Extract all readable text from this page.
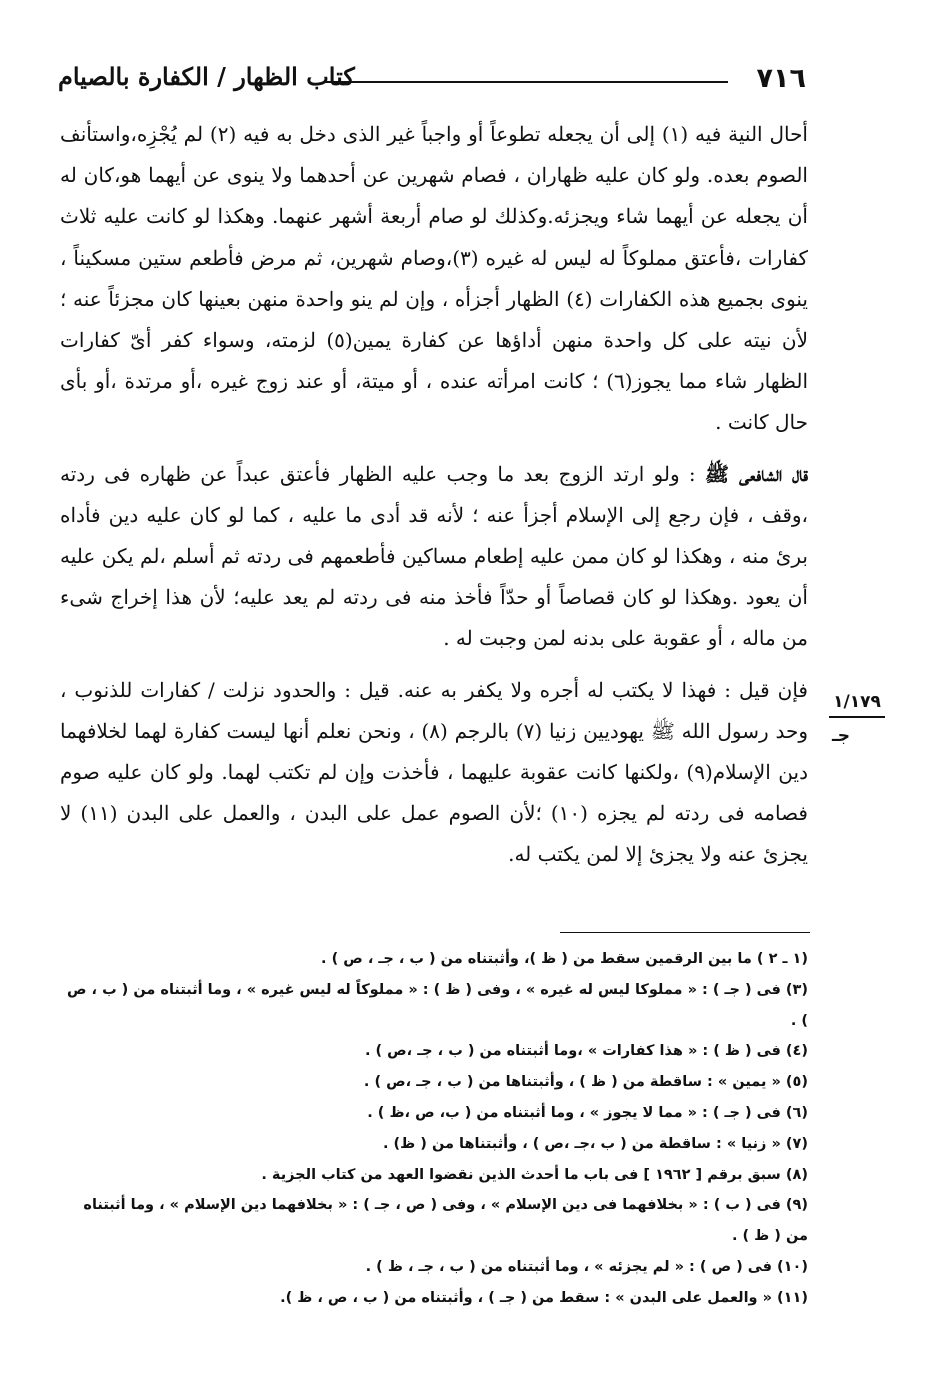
٧١٦
كتاب الظهار / الكفارة بالصيام

أحال النية فيه (١) إلى أن يجعله تطوعاً أو واجباً غير الذى دخل به فيه (٢) لم يُجْزِه،واستأنف الصوم بعده. ولو كان عليه ظهاران ، فصام شهرين عن أحدهما ولا ينوى عن أيهما هو،كان له أن يجعله عن أيهما شاء ويجزئه.وكذلك لو صام أربعة أشهر عنهما. وهكذا لو كانت عليه ثلاث كفارات ،فأعتق مملوكاً له ليس له غيره (٣)،وصام شهرين، ثم مرض فأطعم ستين مسكيناً ، ينوى بجميع هذه الكفارات (٤) الظهار أجزأه ، وإن لم ينو واحدة منهن بعينها كان مجزئاً عنه ؛ لأن نيته على كل واحدة منهن أداؤها عن كفارة يمين(٥) لزمته، وسواء كفر أىّ كفارات الظهار شاء مما يجوز(٦) ؛ كانت امرأته عنده ، أو ميتة، أو عند زوج غيره ،أو مرتدة ،أو بأى حال كانت .

قال الشافعى ﷺ : ولو ارتد الزوج بعد ما وجب عليه الظهار فأعتق عبداً عن ظهاره فى ردته ،وقف ، فإن رجع إلى الإسلام أجزأ عنه ؛ لأنه قد أدى ما عليه ، كما لو كان عليه دين فأداه برئ منه ، وهكذا لو كان ممن عليه إطعام مساكين فأطعمهم فى ردته ثم أسلم ،لم يكن عليه أن يعود .وهكذا لو كان قصاصاً أو حدّاً فأخذ منه فى ردته لم يعد عليه؛ لأن هذا إخراج شىء من ماله ، أو عقوبة على بدنه لمن وجبت له .

فإن قيل : فهذا لا يكتب له أجره ولا يكفر به عنه. قيل : والحدود نزلت / كفارات للذنوب ، وحد رسول الله ﷺ يهوديين زنيا (٧) بالرجم (٨) ، ونحن نعلم أنها ليست كفارة لهما لخلافهما دين الإسلام(٩) ،ولكنها كانت عقوبة عليهما ، فأخذت وإن لم تكتب لهما. ولو كان عليه صوم فصامه فى ردته لم يجزه (١٠) ؛لأن الصوم عمل على البدن ، والعمل على البدن (١١) لا يجزئ عنه ولا يجزئ إلا لمن يكتب له.

١/١٧٩
جـ

(١ ـ ٢ ) ما بين الرقمين سقط من ( ظ )، وأثبتناه من ( ب ، جـ ، ص ) .

(٣) فى ( جـ ) : « مملوكا ليس له غيره » ، وفى ( ظ ) : « مملوكاً له ليس غيره » ، وما أثبتناه من ( ب ، ص ) .

(٤) فى ( ظ ) : « هذا كفارات » ،وما أثبتناه من ( ب ، جـ ،ص ) .

(٥) « يمين » : ساقطة من ( ظ ) ، وأثبتناها من ( ب ، جـ ،ص ) .

(٦) فى ( جـ ) : « مما لا يجوز » ، وما أثبتناه من ( ب، ص ،ظ ) .

(٧) « زنيا » : ساقطة من ( ب ،جـ ،ص ) ، وأثبتناها من ( ظ) .

(٨) سبق برقم [ ١٩٦٢ ] فى باب ما أحدث الذين نقضوا العهد من كتاب الجزية .

(٩) فى ( ب ) : « بخلافهما فى دين الإسلام » ، وفى ( ص ، جـ ) : « بخلافهما دين الإسلام » ، وما أثبتناه من ( ظ ) .

(١٠) فى ( ص ) : « لم يجزئه » ، وما أثبتناه من ( ب ، جـ ، ظ ) .

(١١) « والعمل على البدن » : سقط من ( جـ ) ، وأثبتناه من ( ب ، ص ، ظ ).
